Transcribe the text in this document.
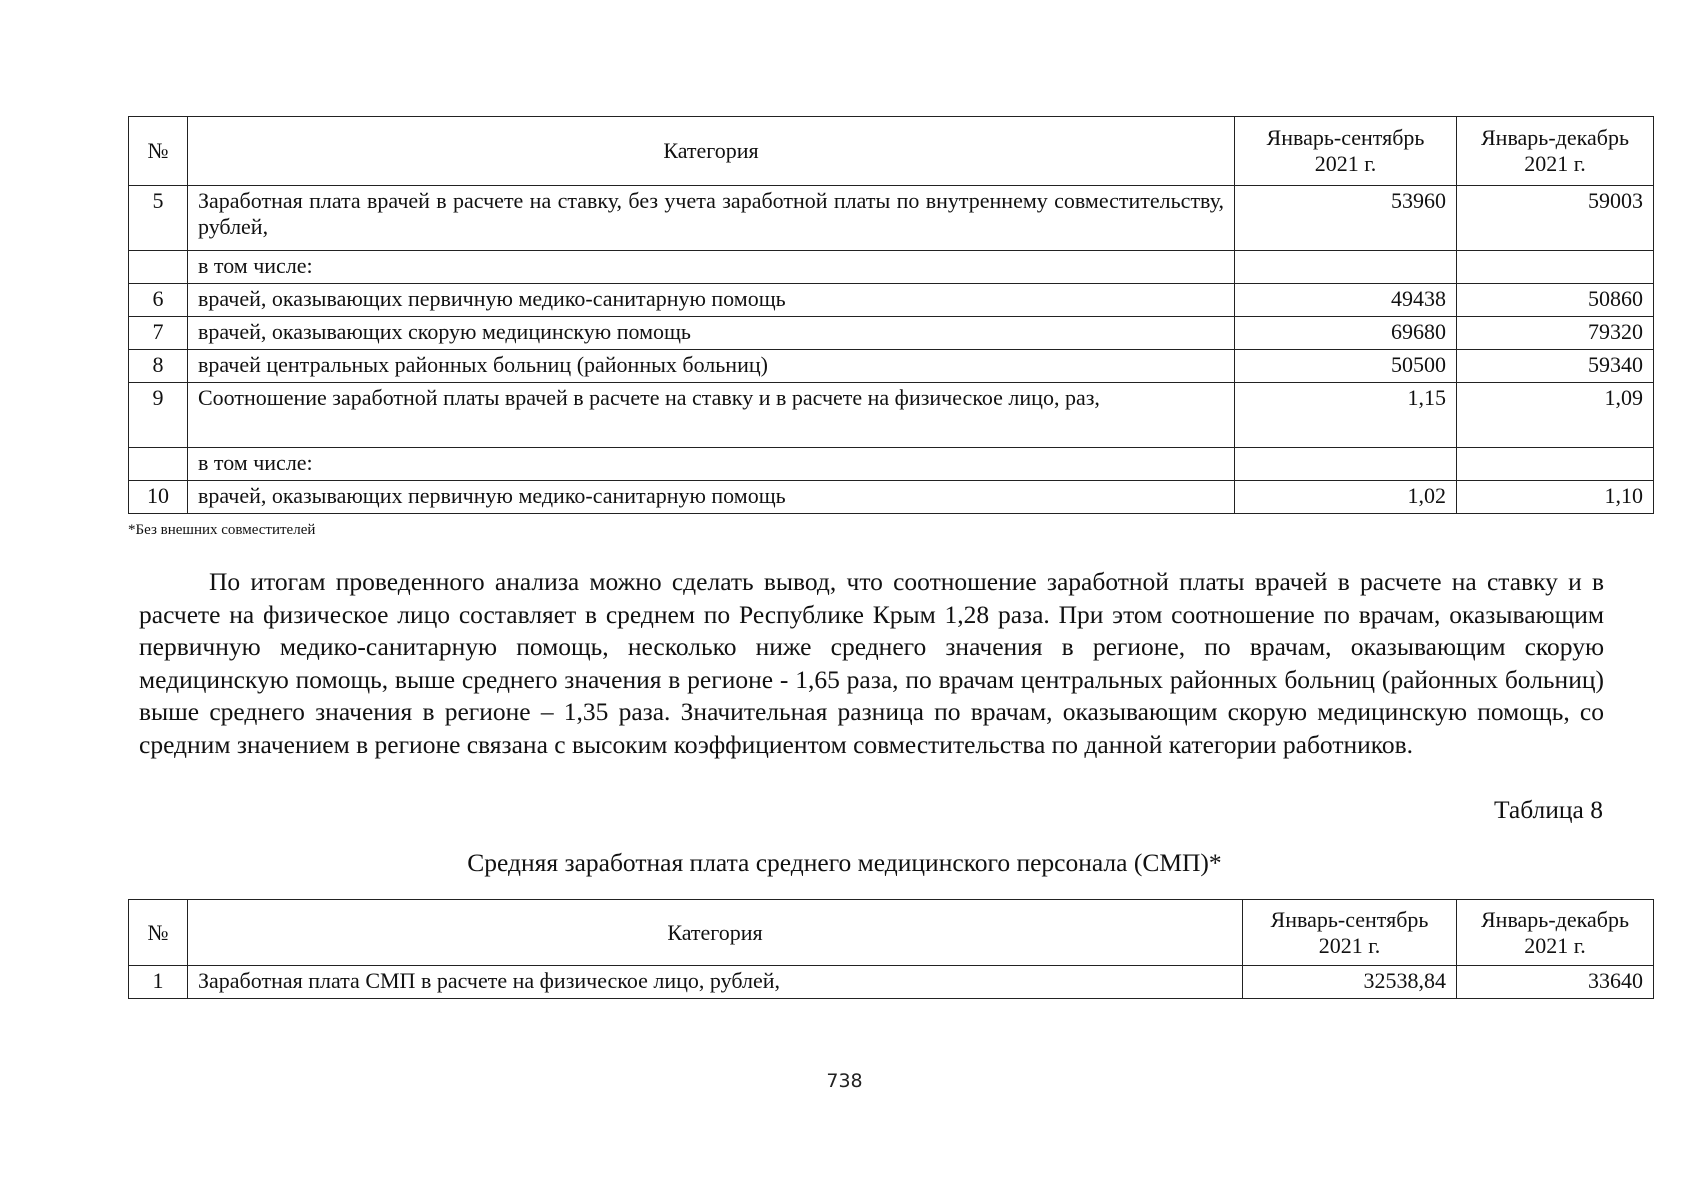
№	Категория	Январь-сентябрь 2021 г.	Январь-декабрь 2021 г.
5	Заработная плата врачей в расчете на ставку, без учета заработной платы по внутреннему совместительству, рублей,	53960	59003
	в том числе:		
6	врачей, оказывающих первичную медико-санитарную помощь	49438	50860
7	врачей, оказывающих скорую медицинскую помощь	69680	79320
8	врачей центральных районных больниц (районных больниц)	50500	59340
9	Соотношение заработной платы врачей в расчете на ставку и в расчете на физическое лицо, раз,	1,15	1,09
	в том числе:		
10	врачей, оказывающих первичную медико-санитарную помощь	1,02	1,10
*Без внешних совместителей

По итогам проведенного анализа можно сделать вывод, что соотношение заработной платы врачей в расчете на ставку и в расчете на физическое лицо составляет в среднем по Республике Крым 1,28 раза. При этом соотношение по врачам, оказывающим первичную медико-санитарную помощь, несколько ниже среднего значения в регионе, по врачам, оказывающим скорую медицинскую помощь, выше среднего значения в регионе - 1,65 раза, по врачам центральных районных больниц (районных больниц) выше среднего значения в регионе – 1,35 раза. Значительная разница по врачам, оказывающим скорую медицинскую помощь, со средним значением в регионе связана с высоким коэффициентом совместительства по данной категории работников.

Таблица 8
Средняя заработная плата среднего медицинского персонала (СМП)*
№	Категория	Январь-сентябрь 2021 г.	Январь-декабрь 2021 г.
1	Заработная плата СМП в расчете на физическое лицо, рублей,	32538,84	33640
738
